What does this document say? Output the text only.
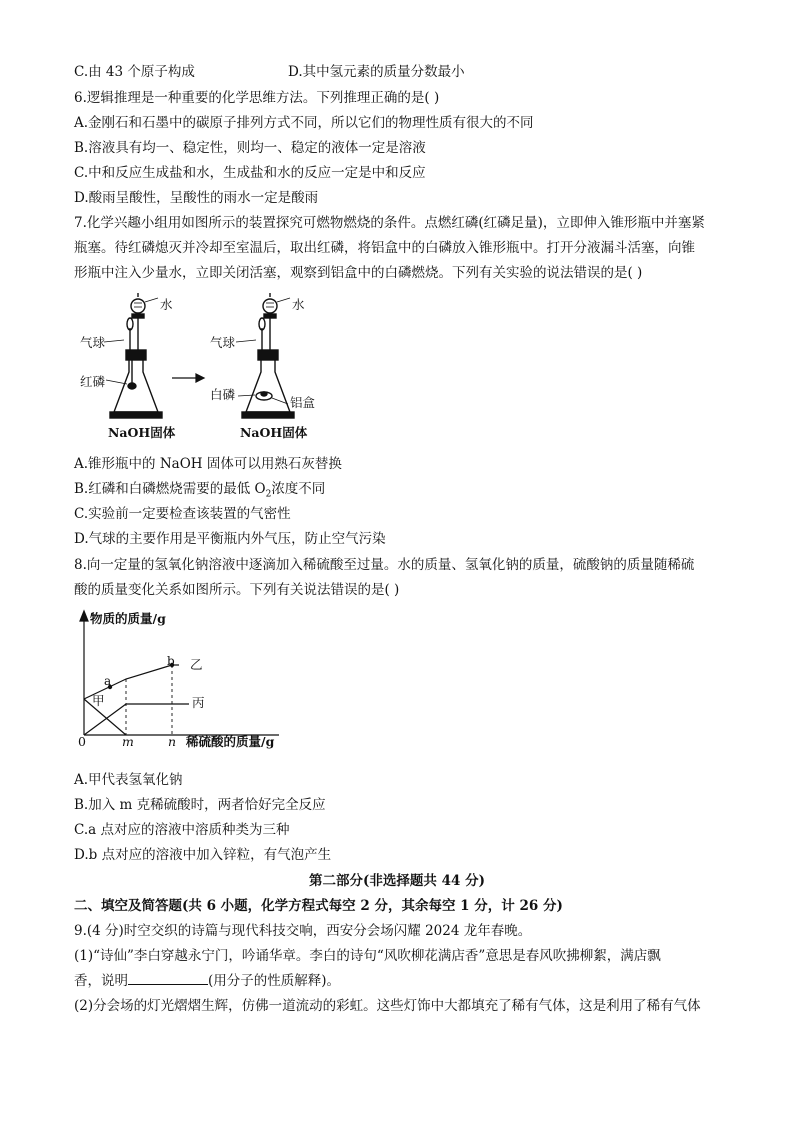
C.由 43 个原子构成	D.其中氢元素的质量分数最小
6.逻辑推理是一种重要的化学思维方法。下列推理正确的是( )
A.金刚石和石墨中的碳原子排列方式不同，所以它们的物理性质有很大的不同
B.溶液具有均一、稳定性，则均一、稳定的液体一定是溶液
C.中和反应生成盐和水，生成盐和水的反应一定是中和反应
D.酸雨呈酸性，呈酸性的雨水一定是酸雨
7.化学兴趣小组用如图所示的装置探究可燃物燃烧的条件。点燃红磷(红磷足量)，立即伸入锥形瓶中并塞紧
瓶塞。待红磷熄灭并冷却至室温后，取出红磷，将铝盒中的白磷放入锥形瓶中。打开分液漏斗活塞，向锥
形瓶中注入少量水，立即关闭活塞，观察到铝盒中的白磷燃烧。下列有关实验的说法错误的是( )
水
气球
红磷
NaOH固体
水
气球
白磷
铝盒
NaOH固体
A.锥形瓶中的 NaOH 固体可以用熟石灰替换
B.红磷和白磷燃烧需要的最低 $O_2$浓度不同
C.实验前一定要检查该装置的气密性
D.气球的主要作用是平衡瓶内外气压，防止空气污染
8.向一定量的氢氧化钠溶液中逐滴加入稀硫酸至过量。水的质量、氢氧化钠的质量，硫酸钠的质量随稀硫
酸的质量变化关系如图所示。下列有关说法错误的是( )
物质的质量/g
稀硫酸的质量/g
0	m	n
a
b
甲
乙
丙
A.甲代表氢氧化钠
B.加入 m 克稀硫酸时，两者恰好完全反应
C.a 点对应的溶液中溶质种类为三种
D.b 点对应的溶液中加入锌粒，有气泡产生
第二部分(非选择题共 44 分)
二、填空及简答题(共 6 小题，化学方程式每空 2 分，其余每空 1 分，计 26 分)
9.(4 分)时空交织的诗篇与现代科技交响，西安分会场闪耀 2024 龙年春晚。
(1)“诗仙”李白穿越永宁门，吟诵华章。李白的诗句“风吹柳花满店香”意思是春风吹拂柳絮，满店飘
香，说明	(用分子的性质解释)。
(2)分会场的灯光熠熠生辉，仿佛一道流动的彩虹。这些灯饰中大都填充了稀有气体，这是利用了稀有气体
